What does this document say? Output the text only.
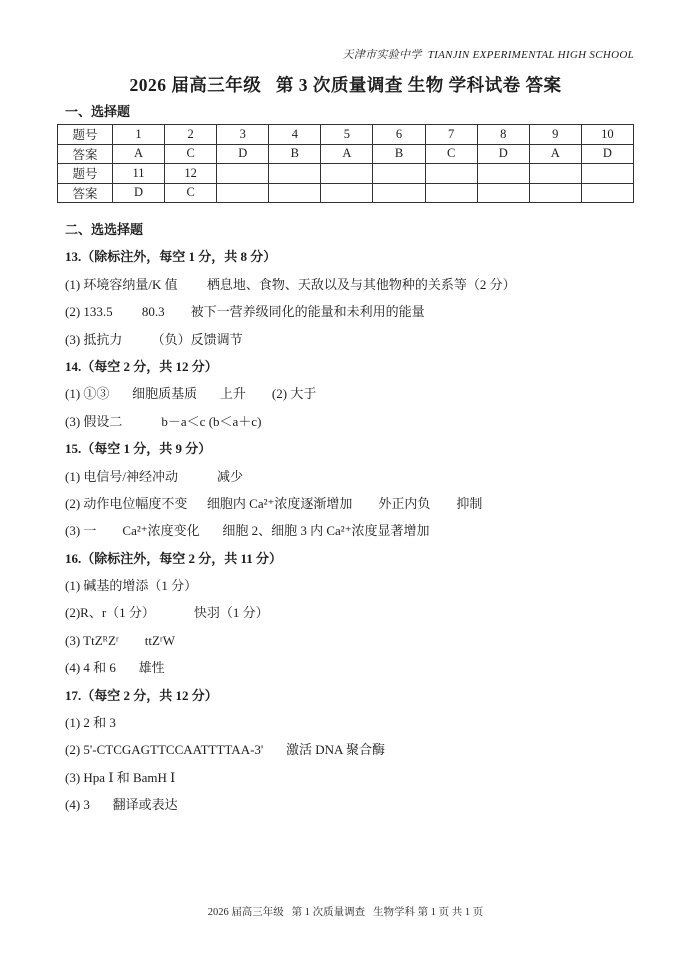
天津市实验中学  TIANJIN EXPERIMENTAL HIGH SCHOOL
2026 届高三年级   第 3 次质量调查 生物 学科试卷 答案
一、选择题
题号	1	2	3	4	5	6	7	8	9	10
答案	A	C	D	B	A	B	C	D	A	D
题号	11	12								
答案	D	C								
二、选选择题
13.（除标注外，每空 1 分，共 8 分）
(1) 环境容纳量/K 值         栖息地、食物、天敌以及与其他物种的关系等（2 分）
(2) 133.5         80.3        被下一营养级同化的能量和未利用的能量
(3) 抵抗力         （负）反馈调节
14.（每空 2 分，共 12 分）
(1) ①③       细胞质基质       上升        (2) 大于
(3) 假设二            b－a＜c (b＜a＋c)
15.（每空 1 分，共 9 分）
(1) 电信号/神经冲动            减少
(2) 动作电位幅度不变      细胞内 Ca²⁺浓度逐渐增加        外正内负        抑制
(3) 一        Ca²⁺浓度变化       细胞 2、细胞 3 内 Ca²⁺浓度显著增加
16.（除标注外，每空 2 分，共 11 分）
(1) 碱基的增添（1 分）
(2)R、r（1 分）            快羽（1 分）
(3) TtZᴿZʳ        ttZʳW
(4) 4 和 6       雄性
17.（每空 2 分，共 12 分）
(1) 2 和 3
(2) 5'-CTCGAGTTCCAATTTTAA-3'       激活 DNA 聚合酶
(3) Hpa Ⅰ 和 BamH Ⅰ
(4) 3       翻译或表达
2026 届高三年级   第 1 次质量调查   生物学科 第 1 页 共 1 页
